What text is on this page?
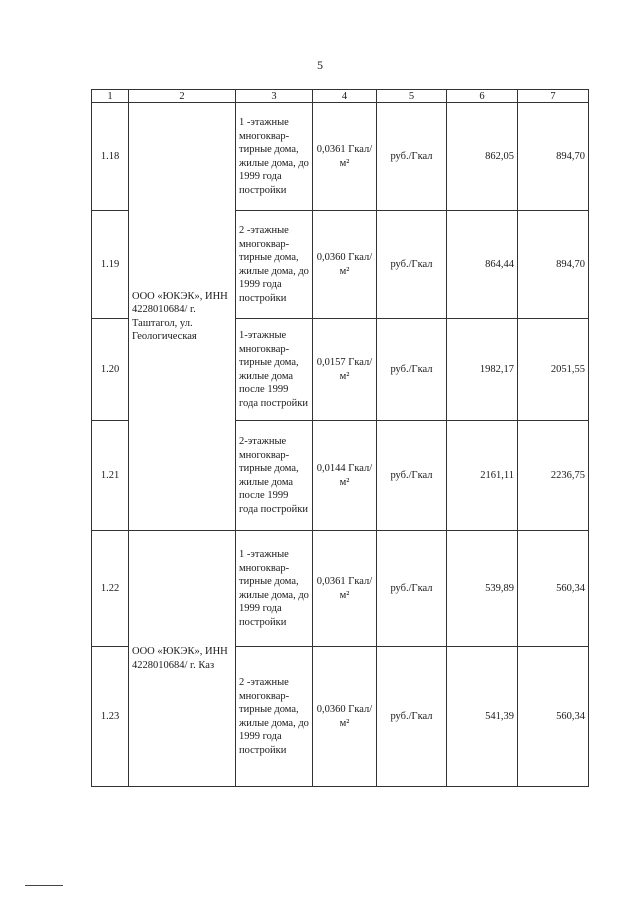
5
1	2	3	4	5	6	7
1.18	ООО «ЮКЭК», ИНН 4228010684/ г. Таштагол, ул. Геологическая	1 -этажные многоквар-тирные дома, жилые дома, до 1999 года постройки	0,0361 Гкал/м²	руб./Гкал	862,05	894,70
1.19		2 -этажные многоквар-тирные дома, жилые дома, до 1999 года постройки	0,0360 Гкал/м²	руб./Гкал	864,44	894,70
1.20		1-этажные многоквар-тирные дома, жилые дома после 1999 года постройки	0,0157 Гкал/м²	руб./Гкал	1982,17	2051,55
1.21		2-этажные многоквар-тирные дома, жилые дома после 1999 года постройки	0,0144 Гкал/м²	руб./Гкал	2161,11	2236,75
1.22	ООО «ЮКЭК», ИНН 4228010684/ г. Каз	1 -этажные многоквар-тирные дома, жилые дома, до 1999 года постройки	0,0361 Гкал/м²	руб./Гкал	539,89	560,34
1.23		2 -этажные многоквар-тирные дома, жилые дома, до 1999 года постройки	0,0360 Гкал/м²	руб./Гкал	541,39	560,34
